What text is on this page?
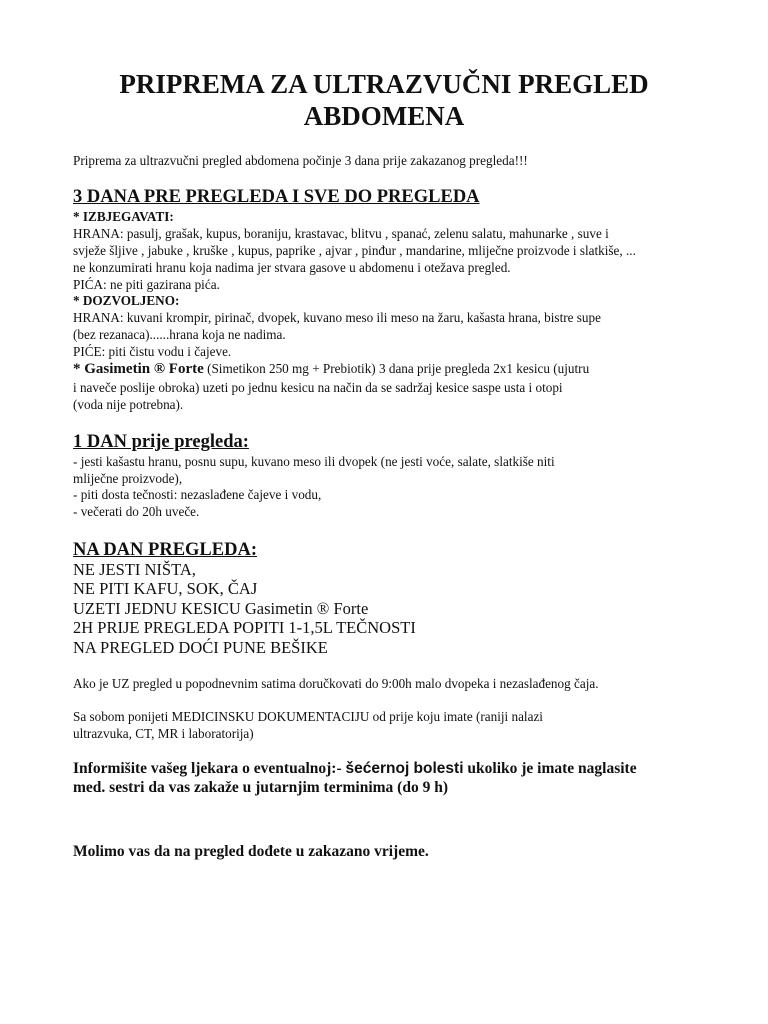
PRIPREMA ZA ULTRAZVUČNI PREGLED
ABDOMENA

Priprema za ultrazvučni pregled abdomena počinje 3 dana prije zakazanog pregleda!!!

3 DANA PRE PREGLEDA I SVE DO PREGLEDA

* IZBJEGAVATI:

HRANA: pasulj, grašak, kupus, boraniju, krastavac, blitvu , spanać, zelenu salatu, mahunarke , suve i

svježe šljive , jabuke , kruške , kupus, paprike , ajvar , pinđur , mandarine, mliječne proizvode i slatkiše, ...

ne konzumirati hranu koja nadima jer stvara gasove u abdomenu i otežava pregled.

PIĆA: ne piti gazirana pića.

* DOZVOLJENO:

HRANA: kuvani krompir, pirinač, dvopek, kuvano meso ili meso na žaru, kašasta hrana, bistre supe

(bez rezanaca)......hrana koja ne nadima.

PIĆE: piti čistu vodu i čajeve.

* Gasimetin ® Forte (Simetikon 250 mg + Prebiotik) 3 dana prije pregleda 2x1 kesicu (ujutru

i naveče poslije obroka) uzeti po jednu kesicu na način da se sadržaj kesice saspe usta i otopi

(voda nije potrebna).

1 DAN prije pregleda:

- jesti kašastu hranu, posnu supu, kuvano meso ili dvopek (ne jesti voće, salate, slatkiše niti

mliječne proizvode),

- piti dosta tečnosti: nezaslađene čajeve i vodu,

- večerati do 20h uveče.

NA DAN PREGLEDA:

NE JESTI NIŠTA,

NE PITI KAFU, SOK, ČAJ

UZETI JEDNU KESICU Gasimetin ® Forte

2H PRIJE PREGLEDA POPITI 1-1,5L TEČNOSTI

NA PREGLED DOĆI PUNE BEŠIKE

Ako je UZ pregled u popodnevnim satima doručkovati do 9:00h malo dvopeka i nezaslađenog čaja.

Sa sobom ponijeti MEDICINSKU DOKUMENTACIJU od prije koju imate (raniji nalazi

ultrazvuka, CT, MR i laboratorija)

Informišite vašeg ljekara o eventualnoj:- šećernoj bolesti ukoliko je imate naglasite

med. sestri da vas zakaže u jutarnjim terminima (do 9 h)

Molimo vas da na pregled dođete u zakazano vrijeme.
